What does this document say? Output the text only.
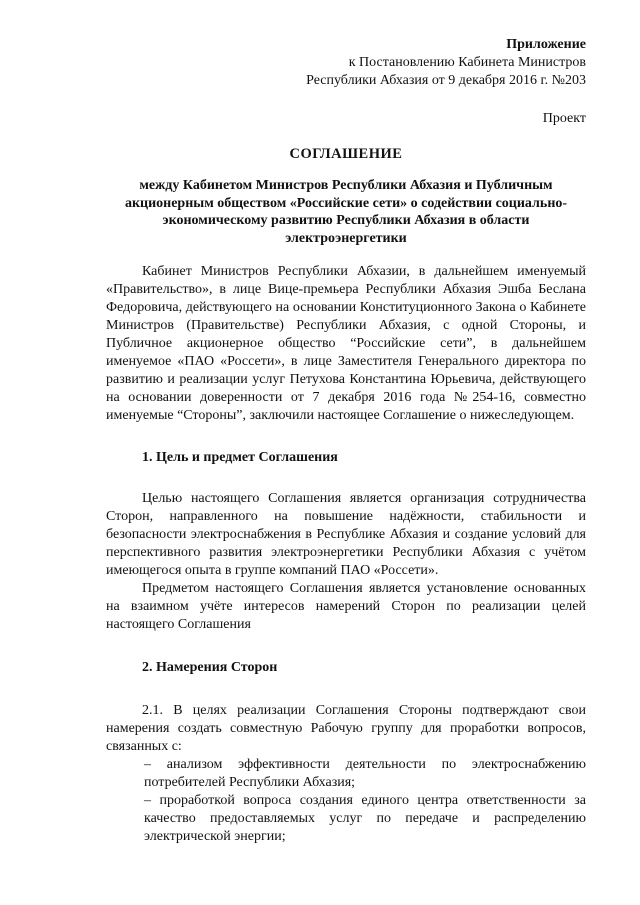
Приложение
к Постановлению Кабинета Министров
Республики Абхазия от 9 декабря 2016 г. №203
Проект
СОГЛАШЕНИЕ
между Кабинетом Министров Республики Абхазия и Публичным акционерным обществом «Российские сети» о содействии социально-экономическому развитию Республики Абхазия в области электроэнергетики

Кабинет Министров Республики Абхазии, в дальнейшем именуемый «Правительство», в лице Вице-премьера Республики Абхазия Эшба Беслана Федоровича, действующего на основании Конституционного Закона о Кабинете Министров (Правительстве) Республики Абхазия, с одной Стороны, и Публичное акционерное общество “Российские сети”, в дальнейшем именуемое «ПАО «Россети», в лице Заместителя Генерального директора по развитию и реализации услуг Петухова Константина Юрьевича, действующего на основании доверенности от 7 декабря 2016 года №254-16, совместно именуемые “Стороны”, заключили настоящее Соглашение о нижеследующем.

1. Цель и предмет Соглашения

Целью настоящего Соглашения является организация сотрудничества Сторон, направленного на повышение надёжности, стабильности и безопасности электроснабжения в Республике Абхазия и создание условий для перспективного развития электроэнергетики Республики Абхазия с учётом имеющегося опыта в группе компаний ПАО «Россети».

Предметом настоящего Соглашения является установление основанных на взаимном учёте интересов намерений Сторон по реализации целей настоящего Соглашения

2. Намерения Сторон

2.1. В целях реализации Соглашения Стороны подтверждают свои намерения создать совместную Рабочую группу для проработки вопросов, связанных с:

– анализом эффективности деятельности по электроснабжению потребителей Республики Абхазия;

– проработкой вопроса создания единого центра ответственности за качество предоставляемых услуг по передаче и распределению электрической энергии;
